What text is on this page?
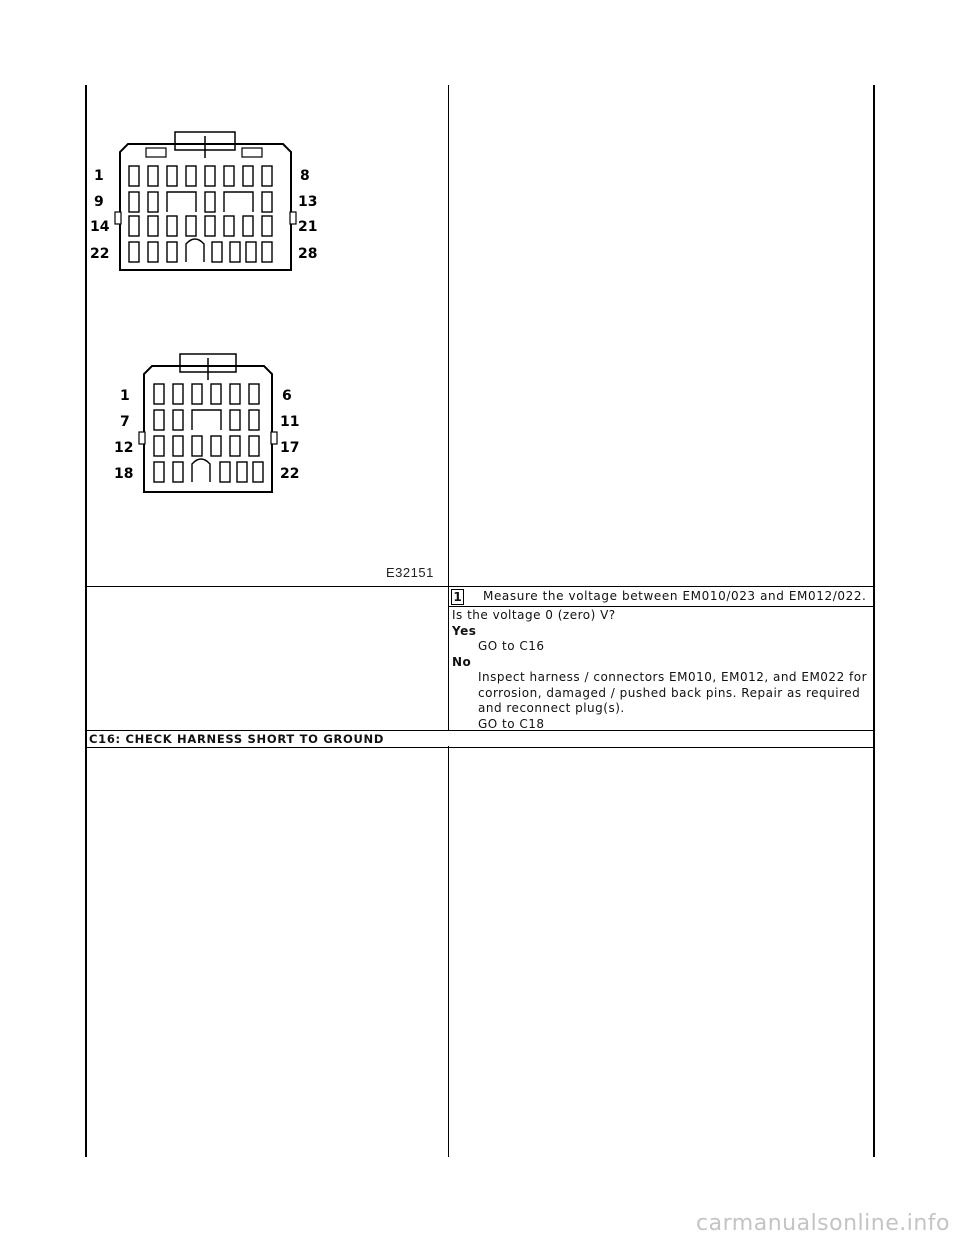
1
9
14
22
8
13
21
28
1
7
12
18
6
11
17
22
E32151
1 Measure the voltage between EM010/023 and EM012/022.
Is the voltage 0 (zero) V?
Yes
GO to C16
No
Inspect harness / connectors EM010, EM012, and EM022 for
corrosion, damaged / pushed back pins. Repair as required
and reconnect plug(s).
GO to C18
C16: CHECK HARNESS SHORT TO GROUND
carmanualsonline.info
